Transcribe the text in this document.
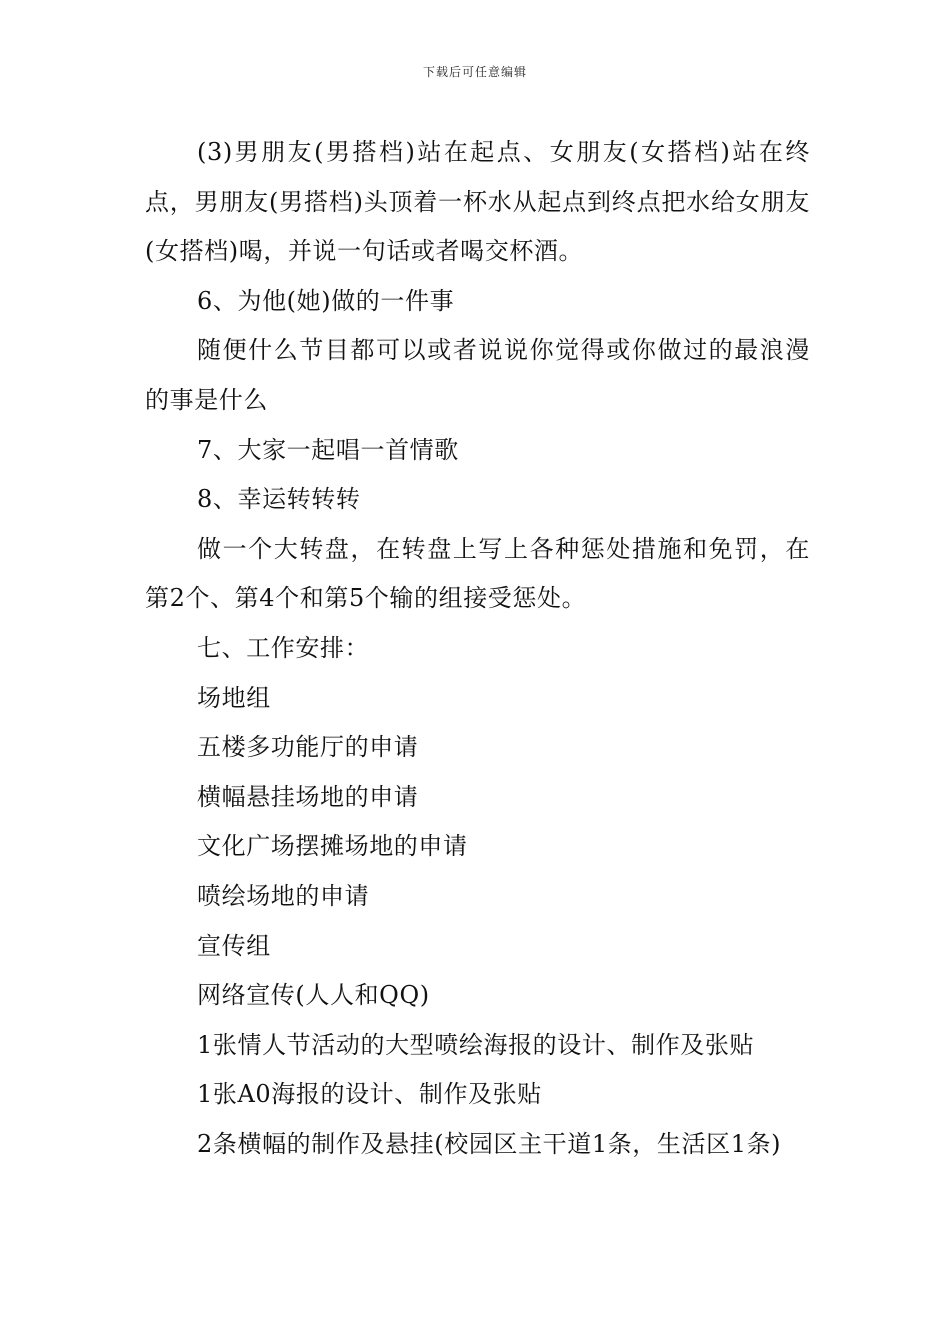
下载后可任意编辑

(3)男朋友(男搭档)站在起点、女朋友(女搭档)站在终点，男朋友(男搭档)头顶着一杯水从起点到终点把水给女朋友(女搭档)喝，并说一句话或者喝交杯酒。

6、为他(她)做的一件事

随便什么节目都可以或者说说你觉得或你做过的最浪漫的事是什么

7、大家一起唱一首情歌

8、幸运转转转

做一个大转盘，在转盘上写上各种惩处措施和免罚，在第2个、第4个和第5个输的组接受惩处。

七、工作安排：

场地组

五楼多功能厅的申请

横幅悬挂场地的申请

文化广场摆摊场地的申请

喷绘场地的申请

宣传组

网络宣传(人人和QQ)

1张情人节活动的大型喷绘海报的设计、制作及张贴

1张A0海报的设计、制作及张贴

2条横幅的制作及悬挂(校园区主干道1条，生活区1条)
